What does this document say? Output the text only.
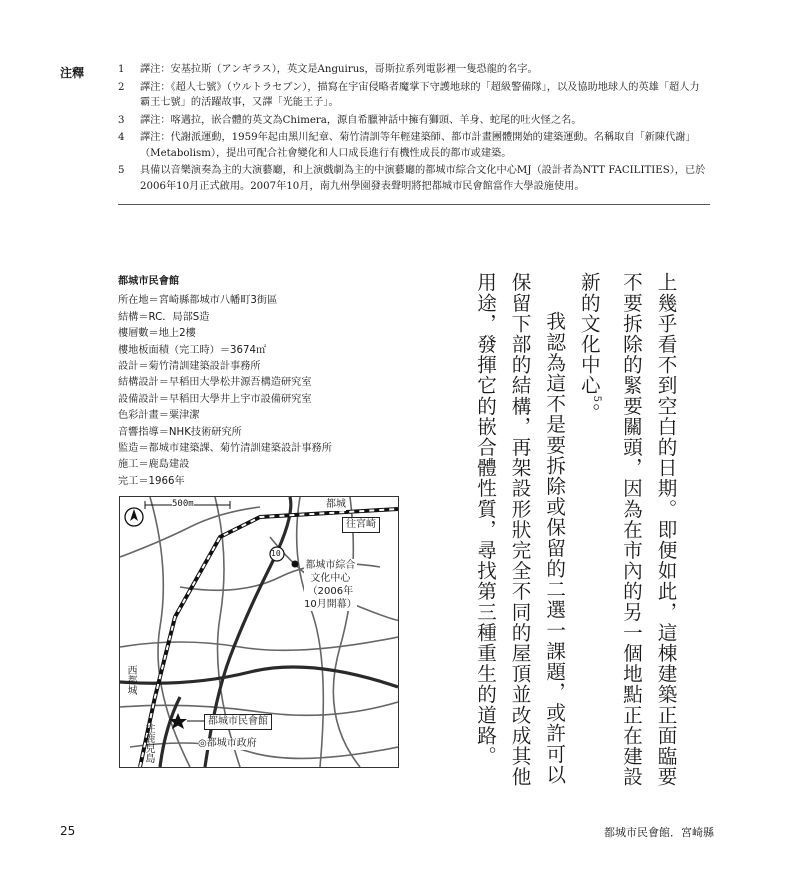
注釋	1 譯注：安基拉斯（アンギラス），英文是Anguirus，哥斯拉系列電影裡一隻恐龍的名字。
2 譯注：《超人七號》（ウルトラセブン），描寫在宇宙侵略者魔掌下守護地球的「超級警備隊」，以及協助地球人的英雄「超人力霸王七號」的活躍故事，又譯「光能王子」。
3 譯注：喀邁拉，嵌合體的英文為Chimera，源自希臘神話中擁有獅頭、羊身、蛇尾的吐火怪之名。
4 譯注：代謝派運動，1959年起由黑川紀章、菊竹清訓等年輕建築師、都市計畫團體開始的建築運動。名稱取自「新陳代謝」（Metabolism），提出可配合社會變化和人口成長進行有機性成長的都市或建築。
5 具備以音樂演奏為主的大演藝廳，和上演戲劇為主的中演藝廳的都城市綜合文化中心MJ（設計者為NTT FACILITIES），已於2006年10月正式啟用。2007年10月，南九州學園發表聲明將把都城市民會館當作大學設施使用。
都城市民會館
所在地＝宮崎縣都城市八幡町3街區
結構＝RC．局部S造
樓層數＝地上2樓
樓地板面積（完工時）＝3674㎡
設計＝菊竹清訓建築設計事務所
結構設計＝早稻田大學松井源吾構造研究室
設備設計＝早稻田大學井上宇市設備研究室
色彩計畫＝粟津潔
音響指導＝NHK技術研究所
監造＝都城市建築課、菊竹清訓建築設計事務所
施工＝鹿島建設
完工＝1966年
500m
10
都城
往宮崎
都城市綜合
文化中心
（2006年
10月開幕）
西都城
往鹿兒島
都城市民會館
◎都城市政府	上幾乎看不到空白的日期。即便如此，這棟建築正面臨要不要拆除的緊要關頭，因為在市內的另一個地點正在建設新的文化中心$^5$。

我認為這不是要拆除或保留的二選一課題，或許可以保留下部的結構，再架設形狀完全不同的屋頂並改成其他用途，發揮它的嵌合體性質，尋找第三種重生的道路。

25	都城市民會館．宮崎縣
